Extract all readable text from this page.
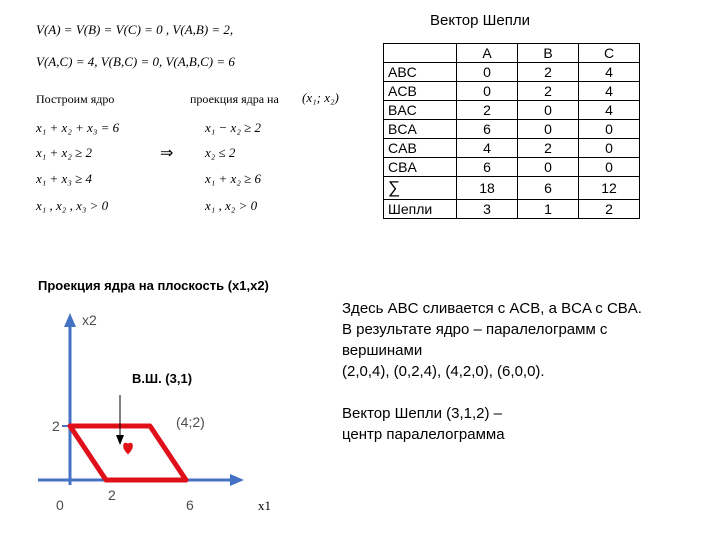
V(A) = V(B) = V(C) = 0 , V(A,B) = 2,
V(A,C) = 4, V(B,C) = 0, V(A,B,C) = 6
Построим ядро	проекция ядра на (x₁; x₂)
x₁ + x₂ + x₃ = 6
x₁ + x₂ ≥ 2
x₁ + x₃ ≥ 4
x₁ , x₂ , x₃ > 0
⇒
x₁ − x₂ ≥ 2
x₂ ≤ 2
x₁ + x₂ ≥ 6
x₁ , x₂ > 0
Вектор Шепли
	A	B	C
ABC	0	2	4
ACB	0	2	4
BAC	2	0	4
BCA	6	0	0
CAB	4	2	0
CBA	6	0	0
∑	18	6	12
Шепли	3	1	2
Проекция ядра на плоскость (x1,x2)
В.Ш. (3,1)
x2
2
0
2
6
(4;2)
x1
Здесь ABC сливается с ACB, а BCA с CBA.
В результате ядро – паралелограмм с
вершинами
(2,0,4), (0,2,4), (4,2,0), (6,0,0).
Вектор Шепли (3,1,2) –
центр паралелограмма
